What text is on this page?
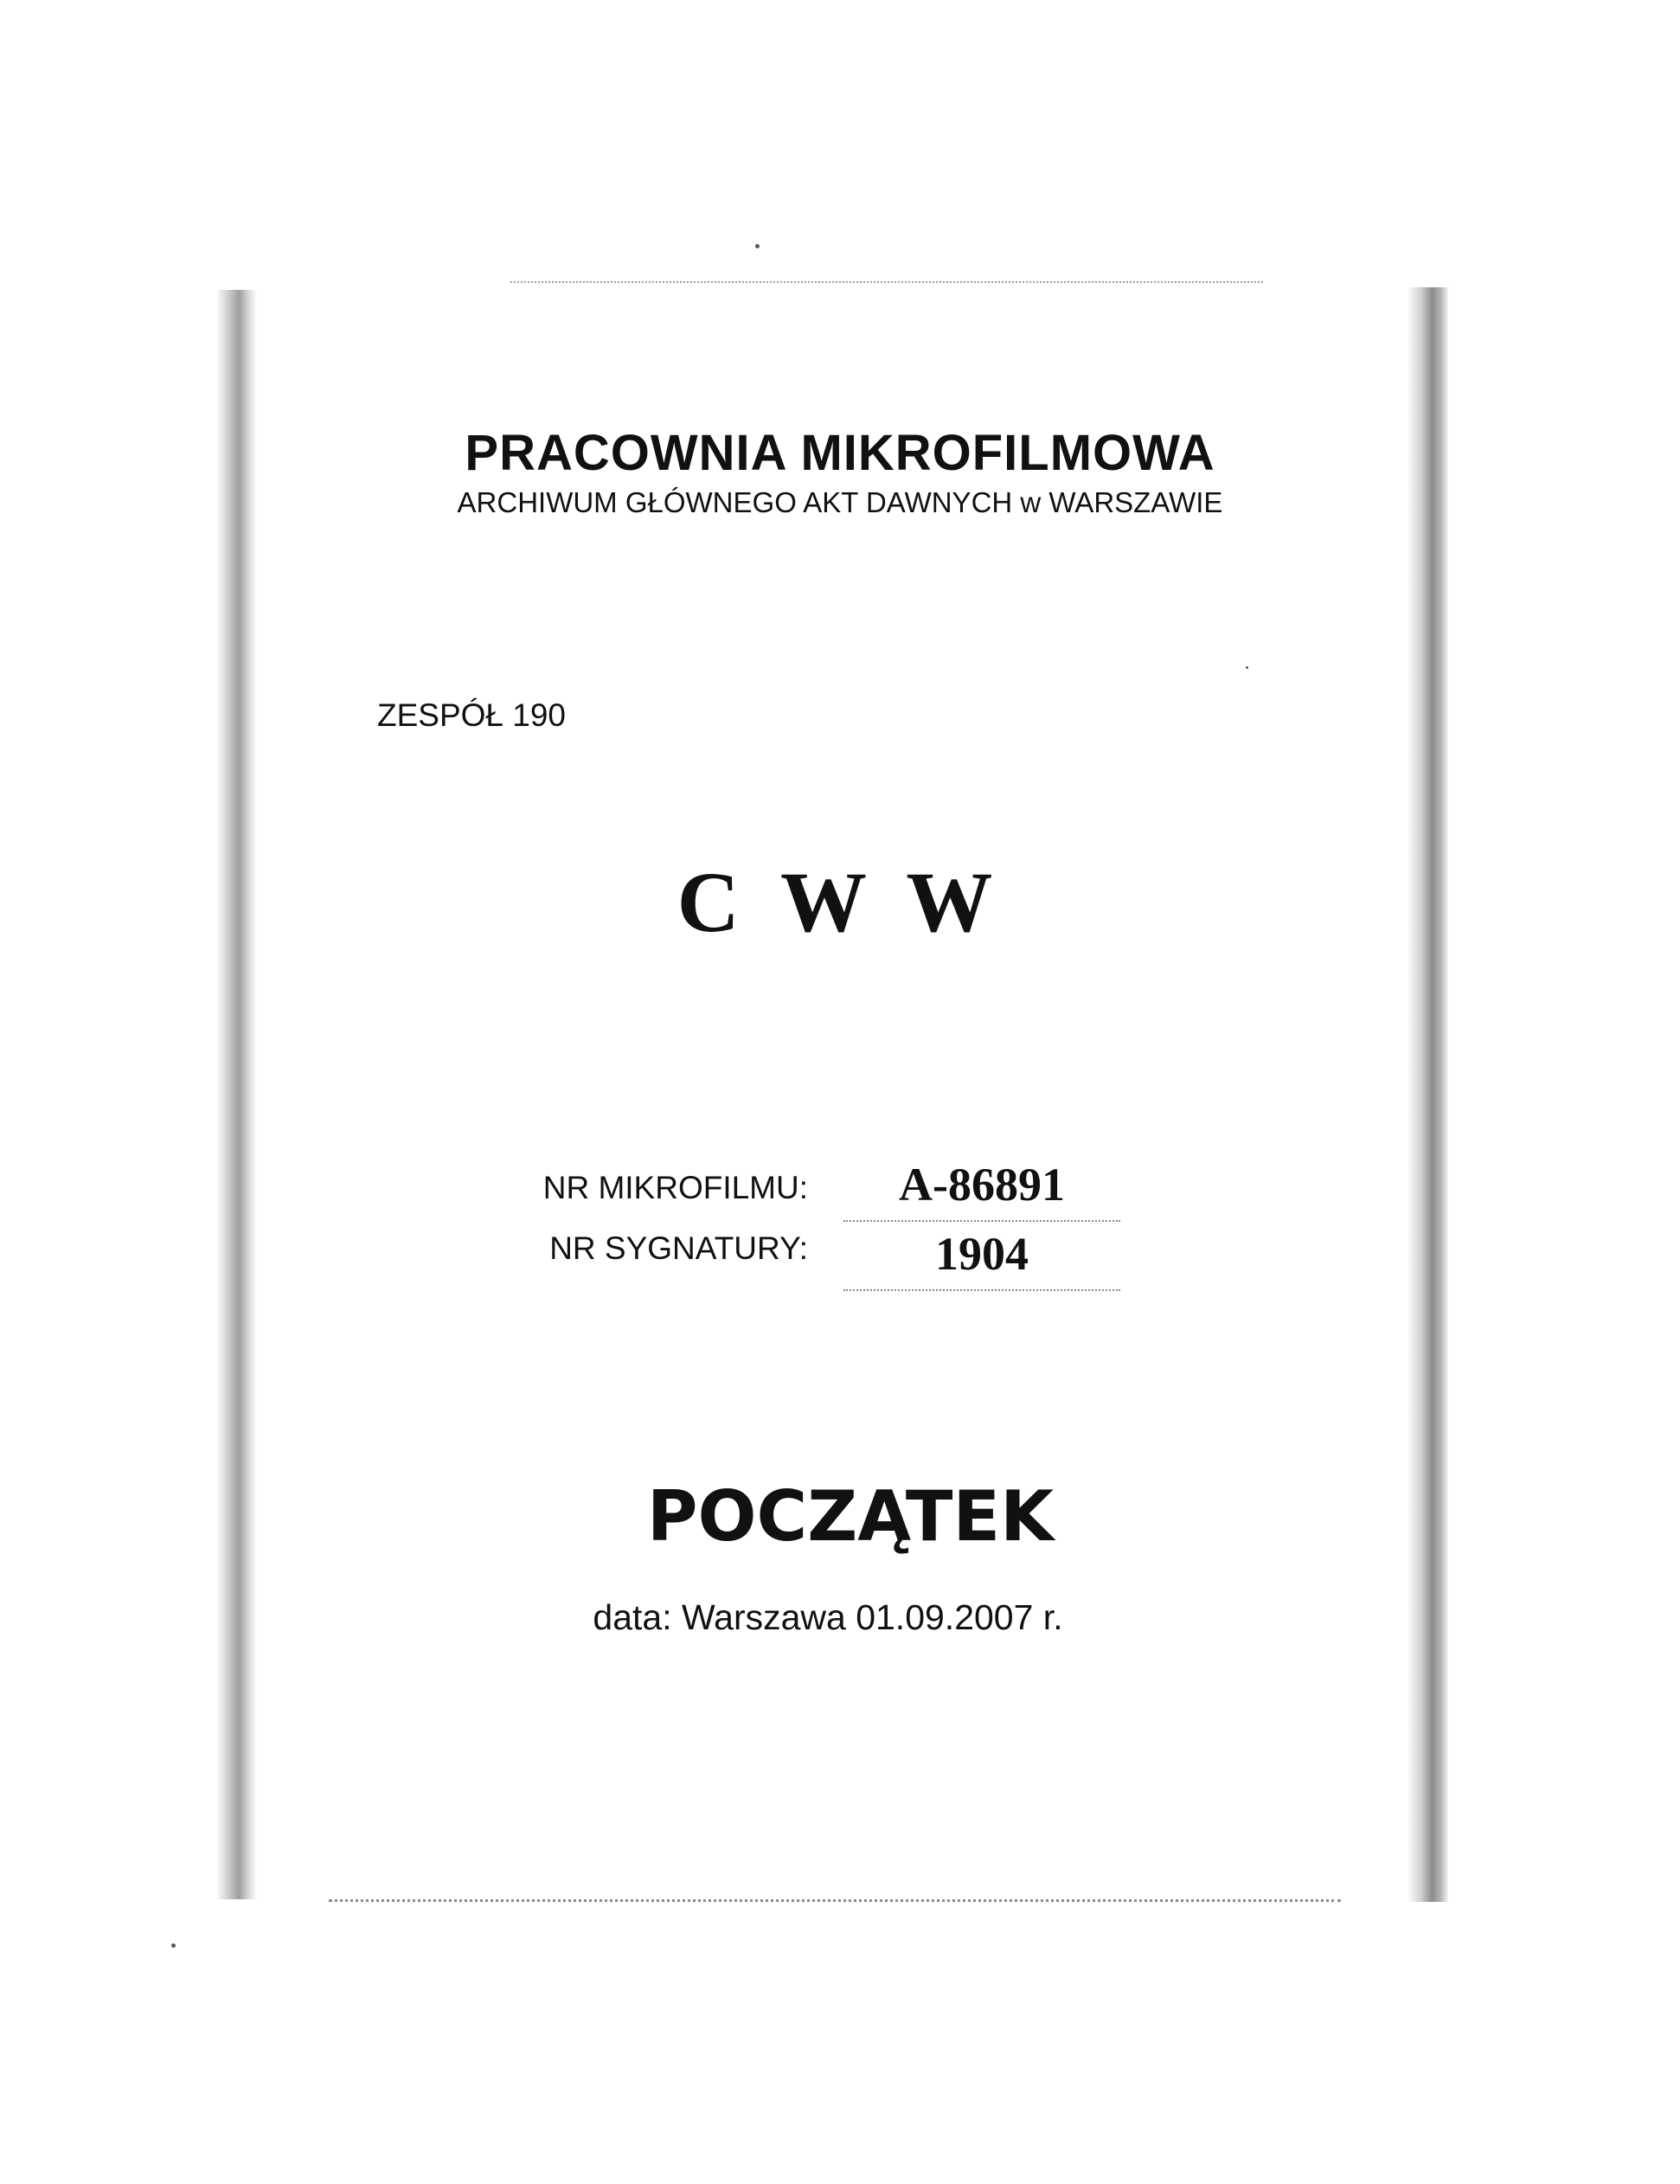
PRACOWNIA MIKROFILMOWA
ARCHIWUM GŁÓWNEGO AKT DAWNYCH w WARSZAWIE
ZESPÓŁ 190
C W W
NR MIKROFILMU:	A-86891
NR SYGNATURY:	1904
POCZĄTEK
data: Warszawa 01.09.2007 r.
